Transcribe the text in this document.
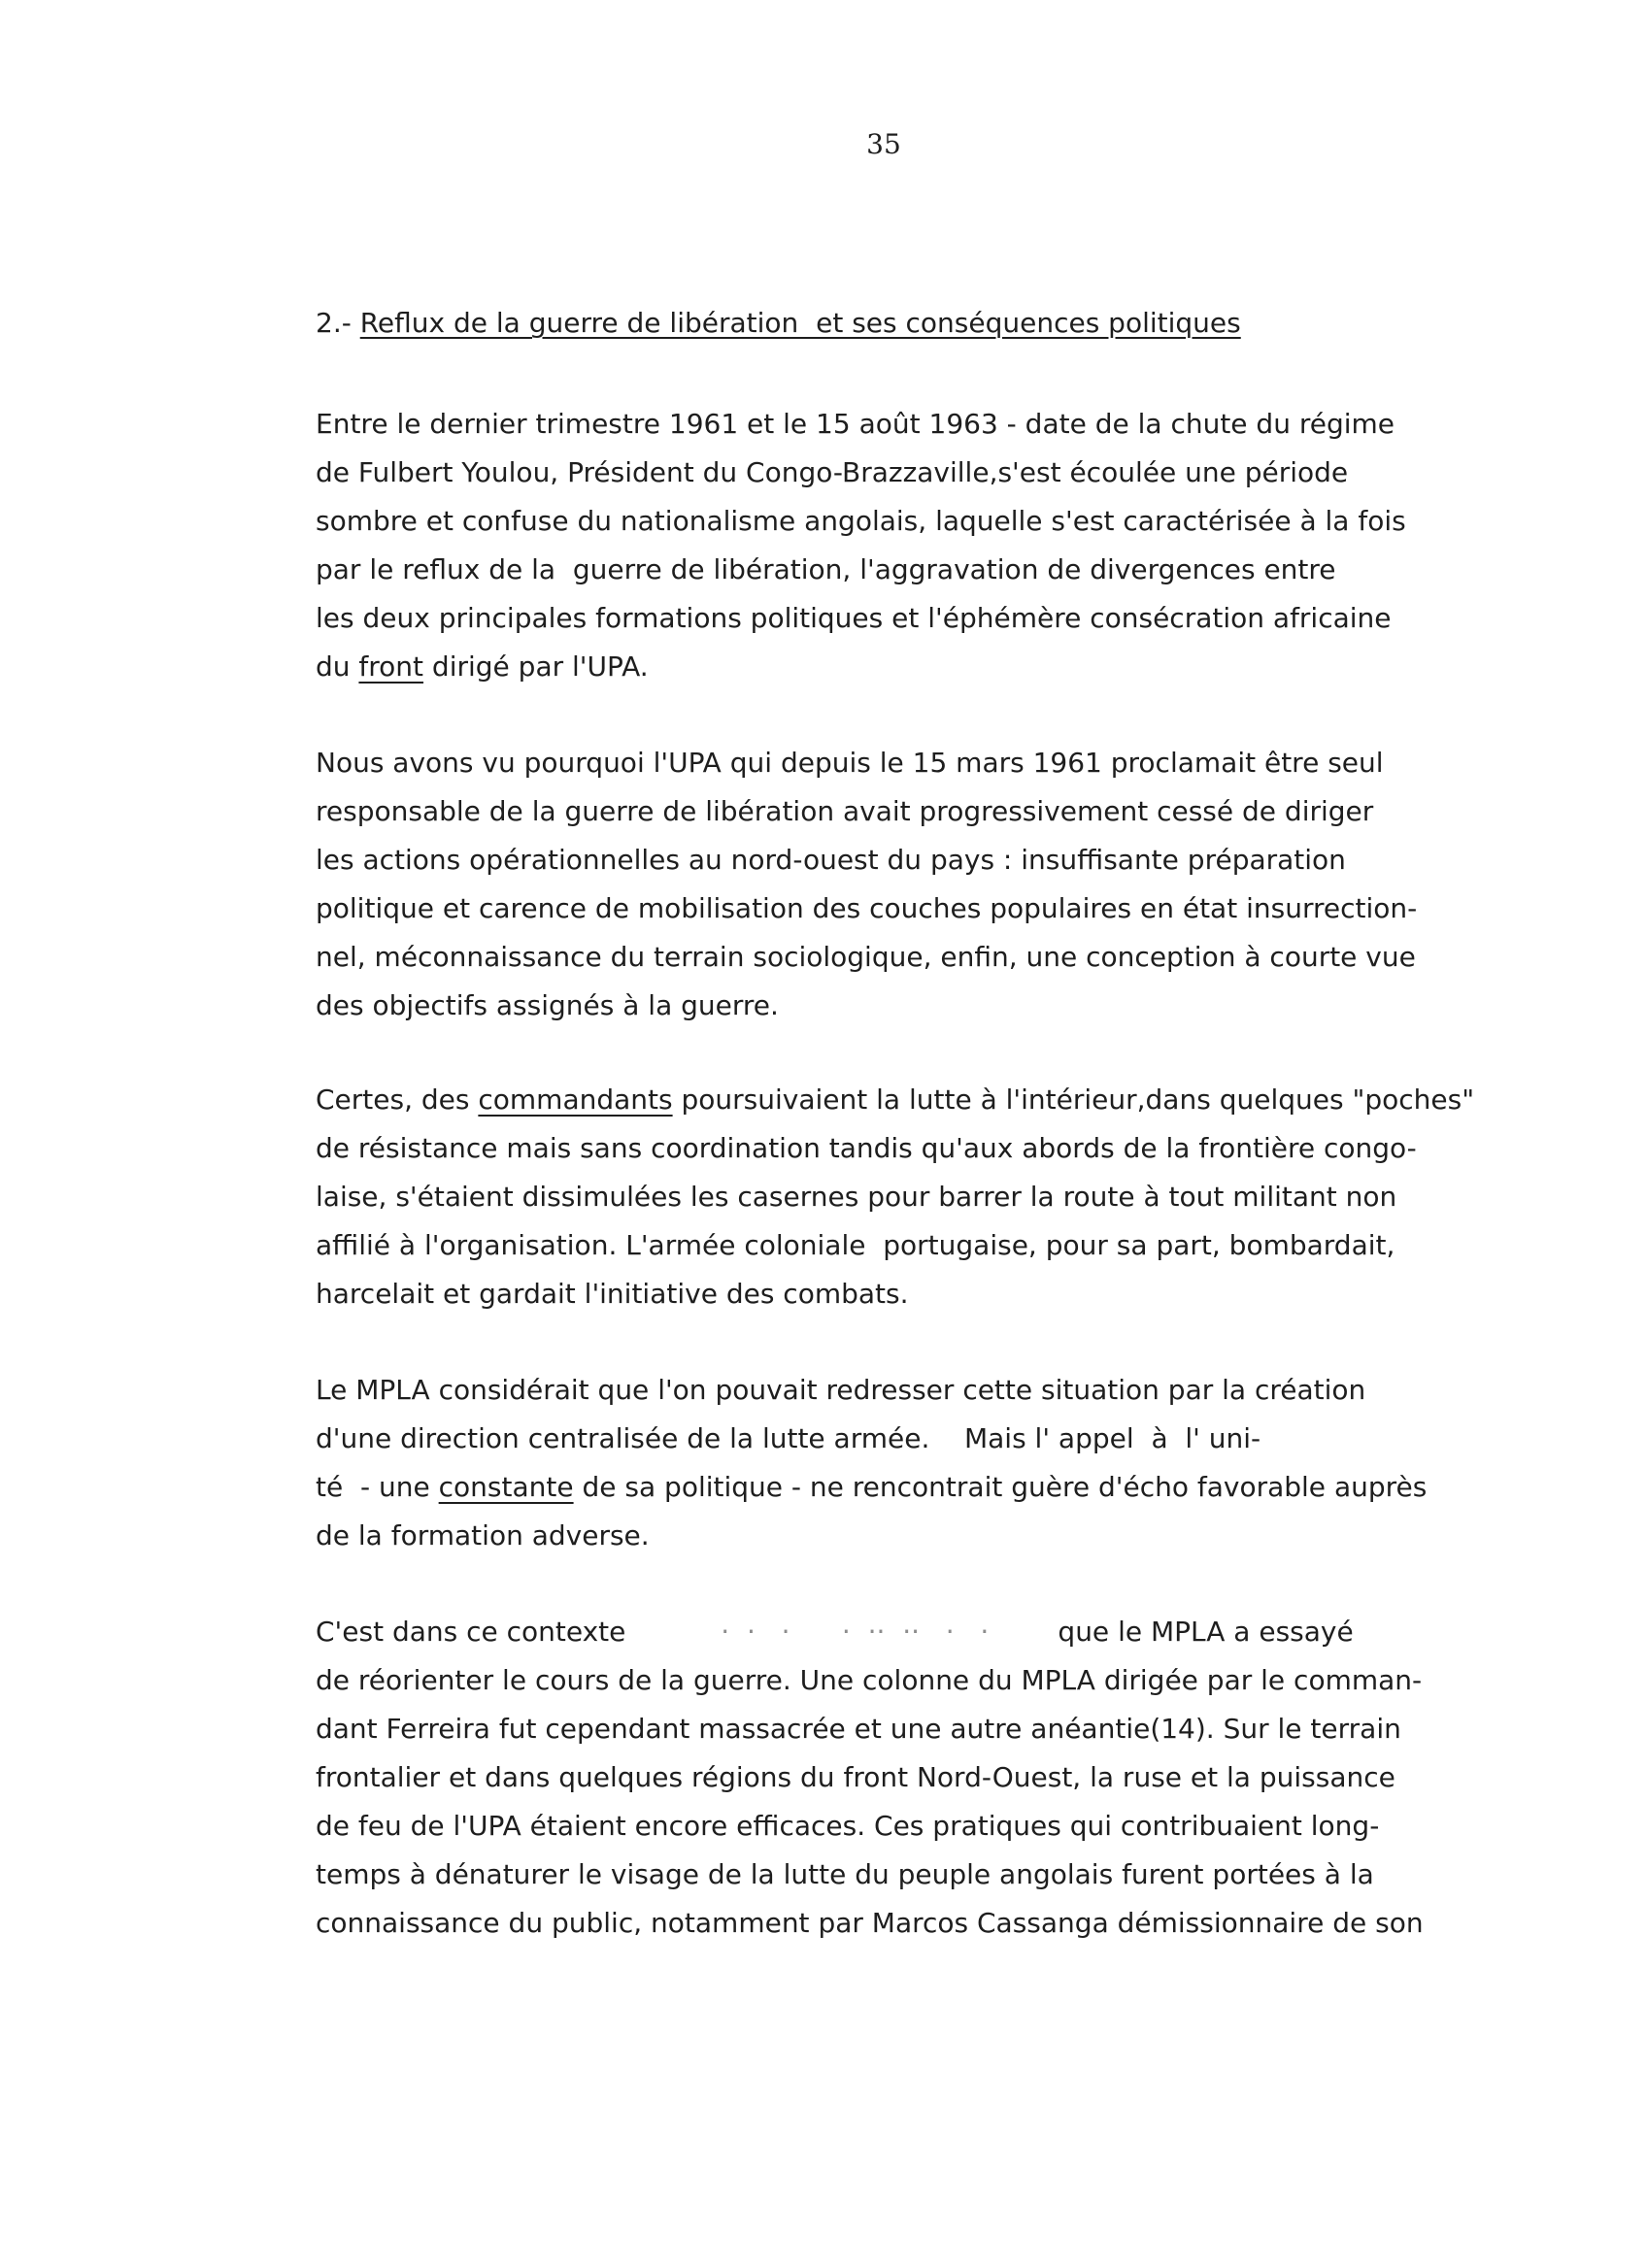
35
2.- Reflux de la guerre de libération  et ses conséquences politiques
Entre le dernier trimestre 1961 et le 15 août 1963 - date de la chute du régime
de Fulbert Youlou, Président du Congo-Brazzaville,s'est écoulée une période
sombre et confuse du nationalisme angolais, laquelle s'est caractérisée à la fois
par le reflux de la  guerre de libération, l'aggravation de divergences entre
les deux principales formations politiques et l'éphémère consécration africaine
du front dirigé par l'UPA.
Nous avons vu pourquoi l'UPA qui depuis le 15 mars 1961 proclamait être seul
responsable de la guerre de libération avait progressivement cessé de diriger
les actions opérationnelles au nord-ouest du pays : insuffisante préparation
politique et carence de mobilisation des couches populaires en état insurrection-
nel, méconnaissance du terrain sociologique, enfin, une conception à courte vue
des objectifs assignés à la guerre.
Certes, des commandants poursuivaient la lutte à l'intérieur,dans quelques "poches"
de résistance mais sans coordination tandis qu'aux abords de la frontière congo-
laise, s'étaient dissimulées les casernes pour barrer la route à tout militant non
affilié à l'organisation. L'armée coloniale  portugaise, pour sa part, bombardait,
harcelait et gardait l'initiative des combats.
Le MPLA considérait que l'on pouvait redresser cette situation par la création
d'une direction centralisée de la lutte armée.    Mais l' appel  à  l' uni-
té  - une constante de sa politique - ne rencontrait guère d'écho favorable auprès
de la formation adverse.
C'est dans ce contexte           ·  ·   ·      ·  ··  ··   ·   ·        que le MPLA a essayé
de réorienter le cours de la guerre. Une colonne du MPLA dirigée par le comman-
dant Ferreira fut cependant massacrée et une autre anéantie(14). Sur le terrain
frontalier et dans quelques régions du front Nord-Ouest, la ruse et la puissance
de feu de l'UPA étaient encore efficaces. Ces pratiques qui contribuaient long-
temps à dénaturer le visage de la lutte du peuple angolais furent portées à la
connaissance du public, notamment par Marcos Cassanga démissionnaire de son
